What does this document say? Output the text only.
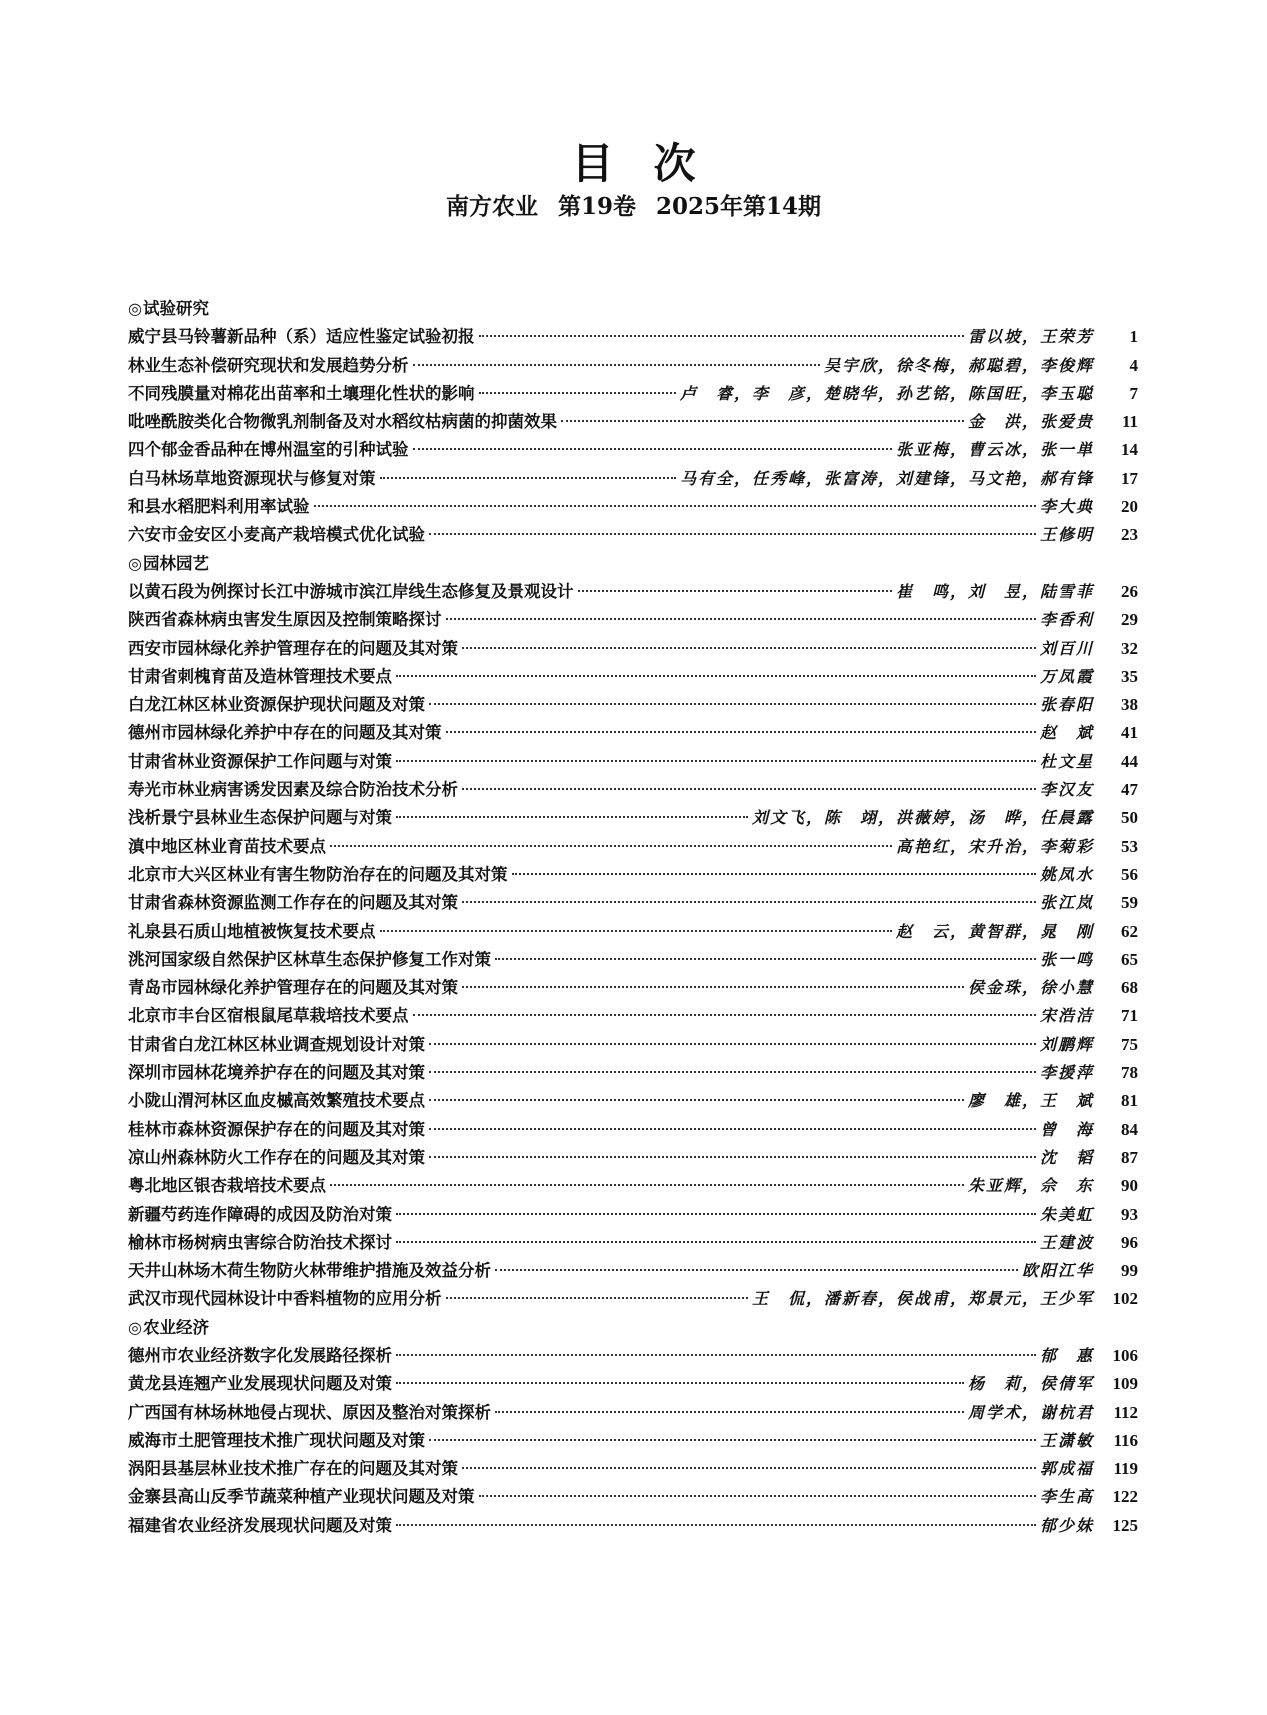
目次
南方农业 第19卷 2025年第14期
◎试验研究
威宁县马铃薯新品种（系）适应性鉴定试验初报	雷以坡，王荣芳	1
林业生态补偿研究现状和发展趋势分析	吴宇欣，徐冬梅，郝聪碧，李俊辉	4
不同残膜量对棉花出苗率和土壤理化性状的影响	卢　睿，李　彦，楚晓华，孙艺铭，陈国旺，李玉聪	7
吡唑酰胺类化合物微乳剂制备及对水稻纹枯病菌的抑菌效果	金　洪，张爱贵	11
四个郁金香品种在博州温室的引种试验	张亚梅，曹云冰，张一単	14
白马林场草地资源现状与修复对策	马有全，任秀峰，张富涛，刘建锋，马文艳，郝有锋	17
和县水稻肥料利用率试验	李大典	20
六安市金安区小麦高产栽培模式优化试验	王修明	23
◎园林园艺
以黄石段为例探讨长江中游城市滨江岸线生态修复及景观设计	崔　鸣，刘　昱，陆雪菲	26
陕西省森林病虫害发生原因及控制策略探讨	李香利	29
西安市园林绿化养护管理存在的问题及其对策	刘百川	32
甘肃省刺槐育苗及造林管理技术要点	万凤霞	35
白龙江林区林业资源保护现状问题及对策	张春阳	38
德州市园林绿化养护中存在的问题及其对策	赵　斌	41
甘肃省林业资源保护工作问题与对策	杜文星	44
寿光市林业病害诱发因素及综合防治技术分析	李汉友	47
浅析景宁县林业生态保护问题与对策	刘文飞，陈　翊，洪薇婷，汤　晔，任晨露	50
滇中地区林业育苗技术要点	高艳红，宋升治，李菊彩	53
北京市大兴区林业有害生物防治存在的问题及其对策	姚凤水	56
甘肃省森林资源监测工作存在的问题及其对策	张江岚	59
礼泉县石质山地植被恢复技术要点	赵　云，黄智群，晁　刚	62
洮河国家级自然保护区林草生态保护修复工作对策	张一鸣	65
青岛市园林绿化养护管理存在的问题及其对策	侯金珠，徐小慧	68
北京市丰台区宿根鼠尾草栽培技术要点	宋浩洁	71
甘肃省白龙江林区林业调查规划设计对策	刘鹏辉	75
深圳市园林花境养护存在的问题及其对策	李援萍	78
小陇山渭河林区血皮槭高效繁殖技术要点	廖　雄，王　斌	81
桂林市森林资源保护存在的问题及其对策	曾　海	84
凉山州森林防火工作存在的问题及其对策	沈　韬	87
粤北地区银杏栽培技术要点	朱亚辉，佘　东	90
新疆芍药连作障碍的成因及防治对策	朱美虹	93
榆林市杨树病虫害综合防治技术探讨	王建波	96
天井山林场木荷生物防火林带维护措施及效益分析	欧阳江华	99
武汉市现代园林设计中香料植物的应用分析	王　侃，潘新春，侯战甫，郑景元，王少军	102
◎农业经济
德州市农业经济数字化发展路径探析	郁　惠	106
黄龙县连翘产业发展现状问题及对策	杨　莉，侯倩军	109
广西国有林场林地侵占现状、原因及整治对策探析	周学术，谢杭君	112
威海市土肥管理技术推广现状问题及对策	王潇敏	116
涡阳县基层林业技术推广存在的问题及其对策	郭成福	119
金寨县高山反季节蔬菜种植产业现状问题及对策	李生高	122
福建省农业经济发展现状问题及对策	郁少妹	125
